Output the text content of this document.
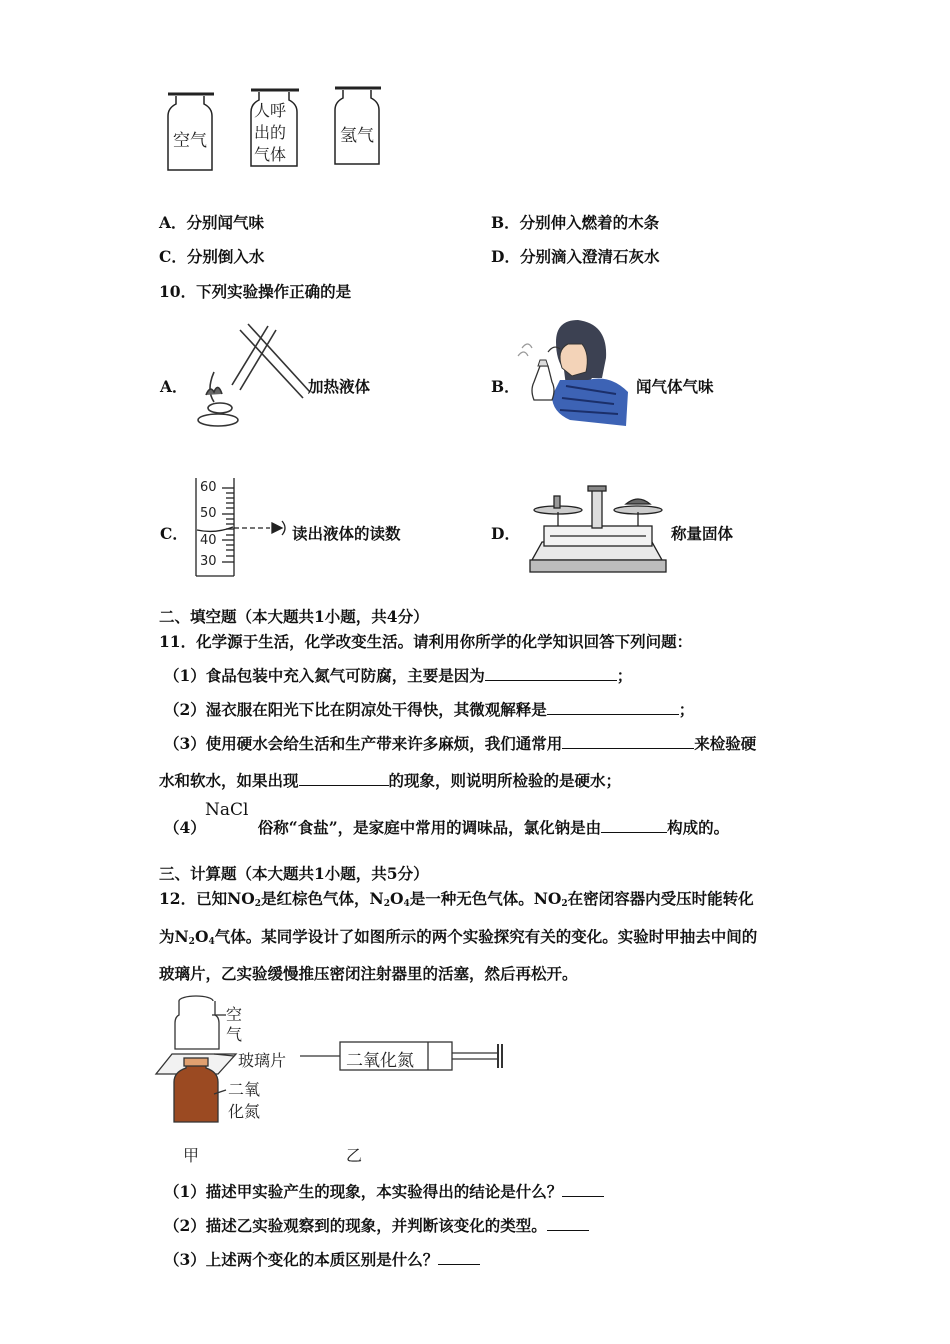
空气
人呼出的气体
氢气
A．分别闻气味	B．分别伸入燃着的木条
C．分别倒入水	D．分别滴入澄清石灰水
10．下列实验操作正确的是
A．	加热液体	B．	闻气体气味
C．
60
50
40
30
读出液体的读数	D．	称量固体
二、填空题（本大题共1小题，共4分）
11．化学源于生活，化学改变生活。请利用你所学的化学知识回答下列问题：
（1）食品包装中充入氮气可防腐，主要是因为	；
（2）湿衣服在阳光下比在阴凉处干得快，其微观解释是	；
（3）使用硬水会给生活和生产带来许多麻烦，我们通常用	来检验硬
水和软水，如果出现	的现象，则说明所检验的是硬水；
NaCl
（4）	俗称“食盐”，是家庭中常用的调味品，氯化钠是由	构成的。
三、计算题（本大题共1小题，共5分）
12．已知$NO_2$是红棕色气体，$N_2O_4$是一种无色气体。$NO_2$在密闭容器内受压时能转化
为$N_2O_4$气体。某同学设计了如图所示的两个实验探究有关的变化。实验时甲抽去中间的
玻璃片，乙实验缓慢推压密闭注射器里的活塞，然后再松开。
空
气
玻璃片
二氧
化氮
二氧化氮
甲	乙
（1）描述甲实验产生的现象，本实验得出的结论是什么？
（2）描述乙实验观察到的现象，并判断该变化的类型。
（3）上述两个变化的本质区别是什么？
